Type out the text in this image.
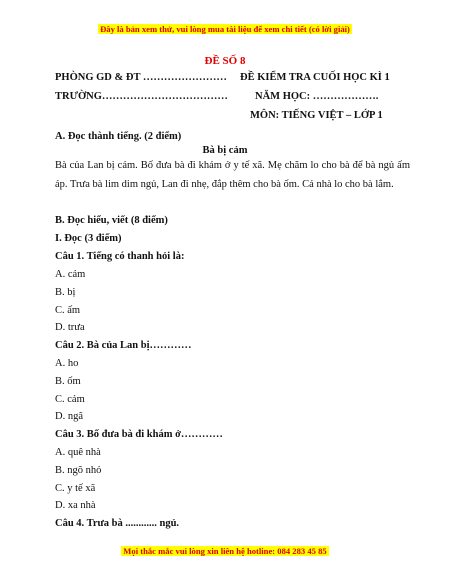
Đây là bản xem thử, vui lòng mua tài liệu để xem chi tiết (có lời giải)
ĐỀ SỐ 8
PHÒNG GD & ĐT …………………… ĐỀ KIỂM TRA CUỐI HỌC KÌ 1
TRƯỜNG………………………………	NĂM HỌC: ……………….
MÔN: TIẾNG VIỆT – LỚP 1
A. Đọc thành tiếng. (2 điểm)
Bà bị cảm
Bà của Lan bị cảm. Bố đưa bà đi khám ở y tế xã. Mẹ chăm lo cho bà để bà ngủ ấm áp. Trưa bà lim dim ngủ, Lan đi nhẹ, đắp thêm cho bà ốm. Cả nhà lo cho bà lắm.
B. Đọc hiểu, viết (8 điểm)
I. Đọc (3 điểm)
Câu 1. Tiếng có thanh hỏi là:
A. cảm
B. bị
C. ấm
D. trưa
Câu 2. Bà của Lan bị…………
A. ho
B. ốm
C. cảm
D. ngã
Câu 3. Bố đưa bà đi khám ở…………
A. quê nhà
B. ngõ nhỏ
C. y tế xã
D. xa nhà
Câu 4. Trưa bà ............ ngủ.
Mọi thắc mắc vui lòng xin liên hệ hotline: 084 283 45 85
